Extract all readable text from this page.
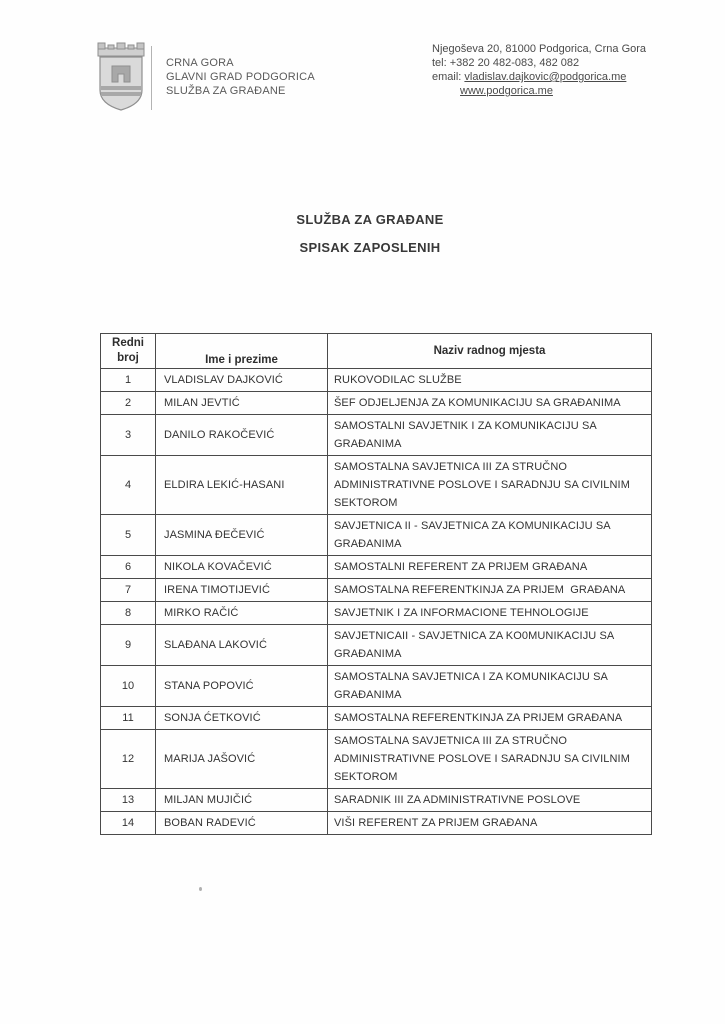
CRNA GORA
GLAVNI GRAD PODGORICA
SLUŽBA ZA GRAĐANE
Njegoševa 20, 81000 Podgorica, Crna Gora
tel: +382 20 482-083, 482 082
email: vladislav.dajkovic@podgorica.me
www.podgorica.me
SLUŽBA ZA GRAĐANE
SPISAK ZAPOSLENIH
Redni
broj	Ime i prezime	Naziv radnog mjesta
1	VLADISLAV DAJKOVIĆ	RUKOVODILAC SLUŽBE
2	MILAN JEVTIĆ	ŠEF ODJELJENJA ZA KOMUNIKACIJU SA GRAĐANIMA
3	DANILO RAKOČEVIĆ	SAMOSTALNI SAVJETNIK I ZA KOMUNIKACIJU SA GRAĐANIMA
4	ELDIRA LEKIĆ-HASANI	SAMOSTALNA SAVJETNICA III ZA STRUČNO ADMINISTRATIVNE POSLOVE I SARADNJU SA CIVILNIM SEKTOROM
5	JASMINA ĐEČEVIĆ	SAVJETNICA II - SAVJETNICA ZA KOMUNIKACIJU SA GRAĐANIMA
6	NIKOLA KOVAČEVIĆ	SAMOSTALNI REFERENT ZA PRIJEM GRAĐANA
7	IRENA TIMOTIJEVIĆ	SAMOSTALNA REFERENTKINJA ZA PRIJEM  GRAĐANA
8	MIRKO RAČIĆ	SAVJETNIK I ZA INFORMACIONE TEHNOLOGIJE
9	SLAĐANA LAKOVIĆ	SAVJETNICAII - SAVJETNICA ZA KO0MUNIKACIJU SA GRAĐANIMA
10	STANA POPOVIĆ	SAMOSTALNA SAVJETNICA I ZA KOMUNIKACIJU SA GRAĐANIMA
11	SONJA ĆETKOVIĆ	SAMOSTALNA REFERENTKINJA ZA PRIJEM GRAĐANA
12	MARIJA JAŠOVIĆ	SAMOSTALNA SAVJETNICA III ZA STRUČNO ADMINISTRATIVNE POSLOVE I SARADNJU SA CIVILNIM SEKTOROM
13	MILJAN MUJIČIĆ	SARADNIK III ZA ADMINISTRATIVNE POSLOVE
14	BOBAN RADEVIĆ	VIŠI REFERENT ZA PRIJEM GRAĐANA
